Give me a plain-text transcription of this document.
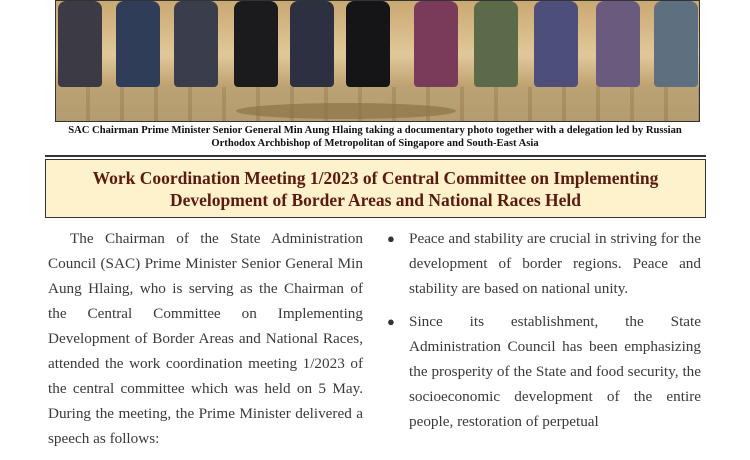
SAC Chairman Prime Minister Senior General Min Aung Hlaing taking a documentary photo together with a delegation led by Russian Orthodox Archbishop of Metropolitan of Singapore and South-East Asia

Work Coordination Meeting 1/2023 of Central Committee on Implementing Development of Border Areas and National Races Held

The Chairman of the State Administration Council (SAC) Prime Minister Senior General Min Aung Hlaing, who is serving as the Chairman of the Central Committee on Implementing Development of Border Areas and National Races, attended the work coordination meeting 1/2023 of the central committee which was held on 5 May. During the meeting, the Prime Minister delivered a speech as follows:

● Peace and stability are crucial in striving for the development of border regions. Peace and stability are based on national unity.
● Since its establishment, the State Administration Council has been emphasizing the prosperity of the State and food security, the socioeconomic development of the entire people, restoration of perpetual
